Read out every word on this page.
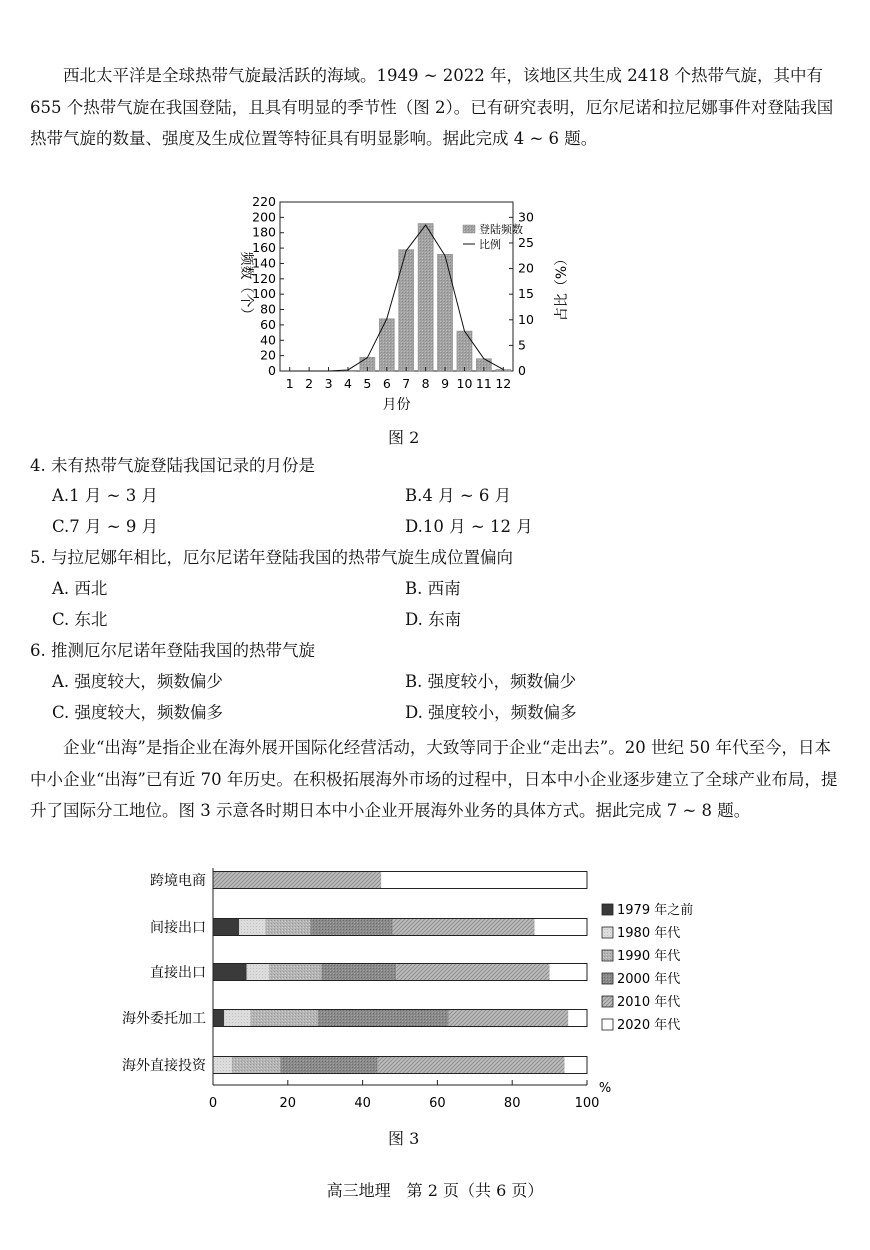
西北太平洋是全球热带气旋最活跃的海域。1949 ~ 2022 年，该地区共生成 2418 个热带气旋，其中有 655 个热带气旋在我国登陆，且具有明显的季节性（图 2）。已有研究表明，厄尔尼诺和拉尼娜事件对登陆我国热带气旋的数量、强度及生成位置等特征具有明显影响。据此完成 4 ~ 6 题。

0
20
40
60
80
100
120
140
160
180
200
220
0
5
10
15
20
25
30
1 2 3 4 5 6 7 8 9 10 11 12
月份
频数（个）	占比（%）
登陆频数
比例
图 2
4. 未有热带气旋登陆我国记录的月份是
A.1 月 ~ 3 月	B.4 月 ~ 6 月
C.7 月 ~ 9 月	D.10 月 ~ 12 月
5. 与拉尼娜年相比，厄尔尼诺年登陆我国的热带气旋生成位置偏向
A. 西北	B. 西南
C. 东北	D. 东南
6. 推测厄尔尼诺年登陆我国的热带气旋
A. 强度较大，频数偏少	B. 强度较小，频数偏少
C. 强度较大，频数偏多	D. 强度较小，频数偏多

企业“出海”是指企业在海外展开国际化经营活动，大致等同于企业“走出去”。20 世纪 50 年代至今，日本中小企业“出海”已有近 70 年历史。在积极拓展海外市场的过程中，日本中小企业逐步建立了全球产业布局，提升了国际分工地位。图 3 示意各时期日本中小企业开展海外业务的具体方式。据此完成 7 ~ 8 题。

跨境电商
间接出口
直接出口
海外委托加工
海外直接投资
0	20	40	60	80	100
%
1979 年之前
1980 年代
1990 年代
2000 年代
2010 年代
2020 年代
图 3
高三地理　第 2 页（共 6 页）
